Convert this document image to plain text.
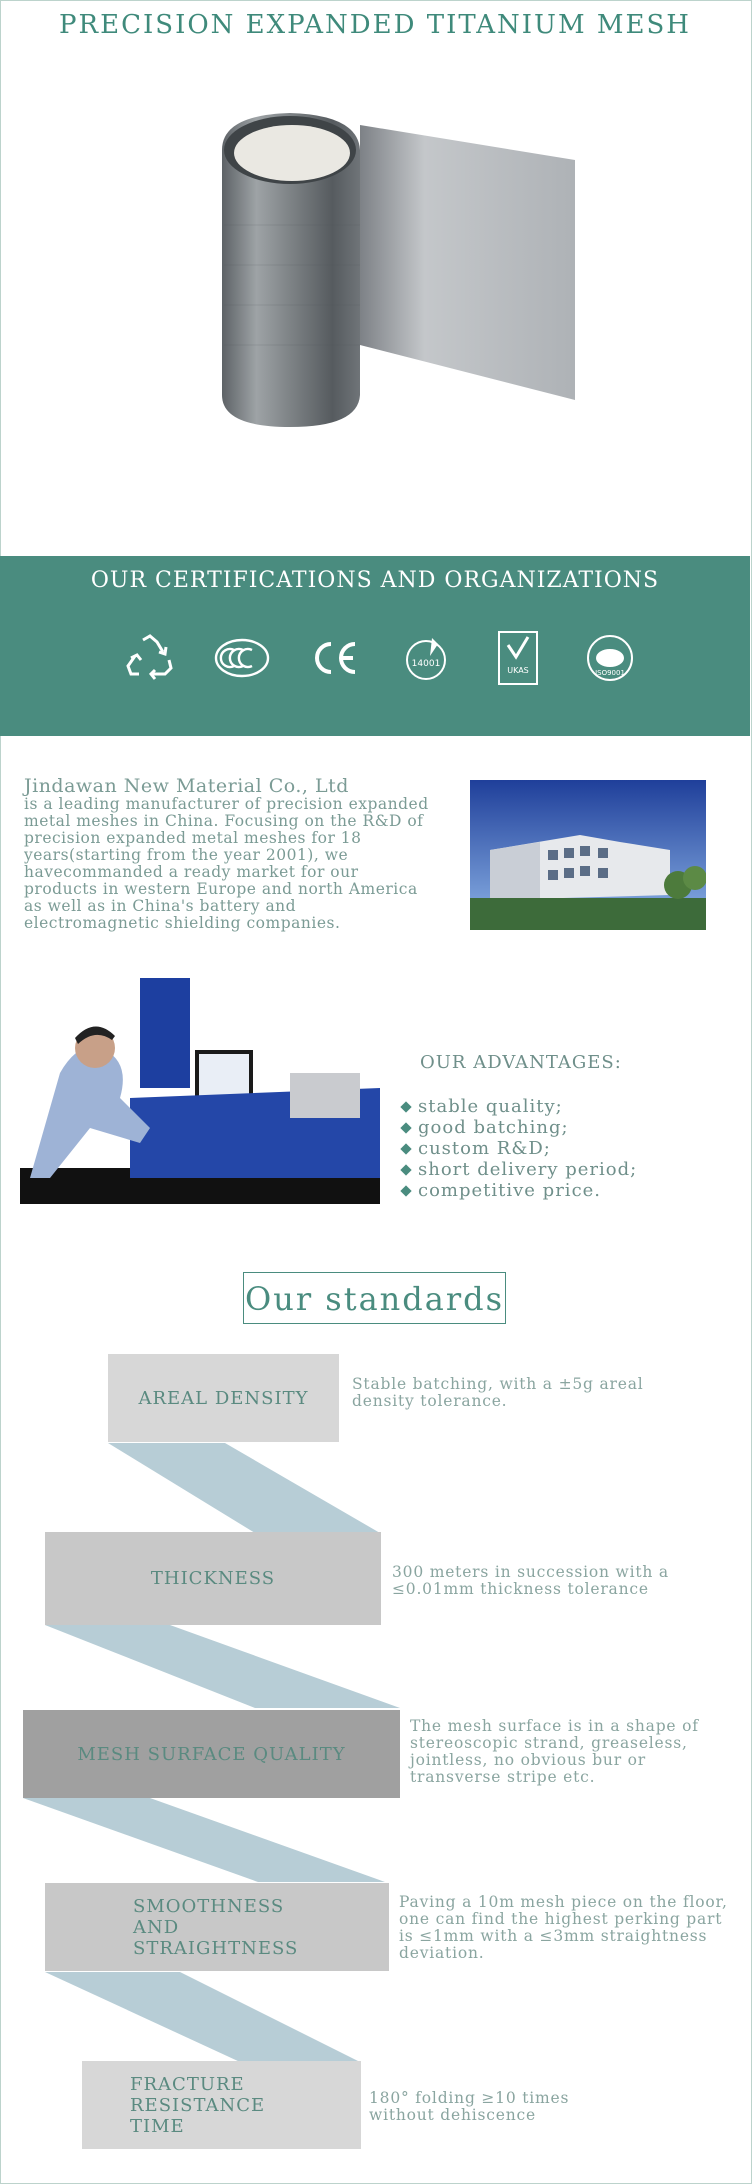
PRECISION EXPANDED TITANIUM MESH
OUR CERTIFICATIONS AND ORGANIZATIONS
14001
UKAS	ISO9001
Jindawan New Material Co., Ltd
is a leading manufacturer of precision expanded metal meshes in China. Focusing on the R&D of precision expanded metal meshes for 18 years(starting from the year 2001), we havecommanded a ready market for our products in western Europe and north America as well as in China's battery and electromagnetic shielding companies.
OUR ADVANTAGES:
stable quality;
good batching;
custom R&D;
short delivery period;
competitive price.
Our standards
AREAL DENSITY
Stable batching, with a ±5g areal density tolerance.
THICKNESS	300 meters in succession with a ≤0.01mm thickness tolerance
MESH SURFACE QUALITY
The mesh surface is in a shape of stereoscopic strand, greaseless, jointless, no obvious bur or transverse stripe etc.
SMOOTHNESS AND STRAIGHTNESS
Paving a 10m mesh piece on the floor, one can find the highest perking part is ≤1mm with a ≤3mm straightness deviation.
FRACTURE RESISTANCE TIME
180° folding ≥10 times without dehiscence
